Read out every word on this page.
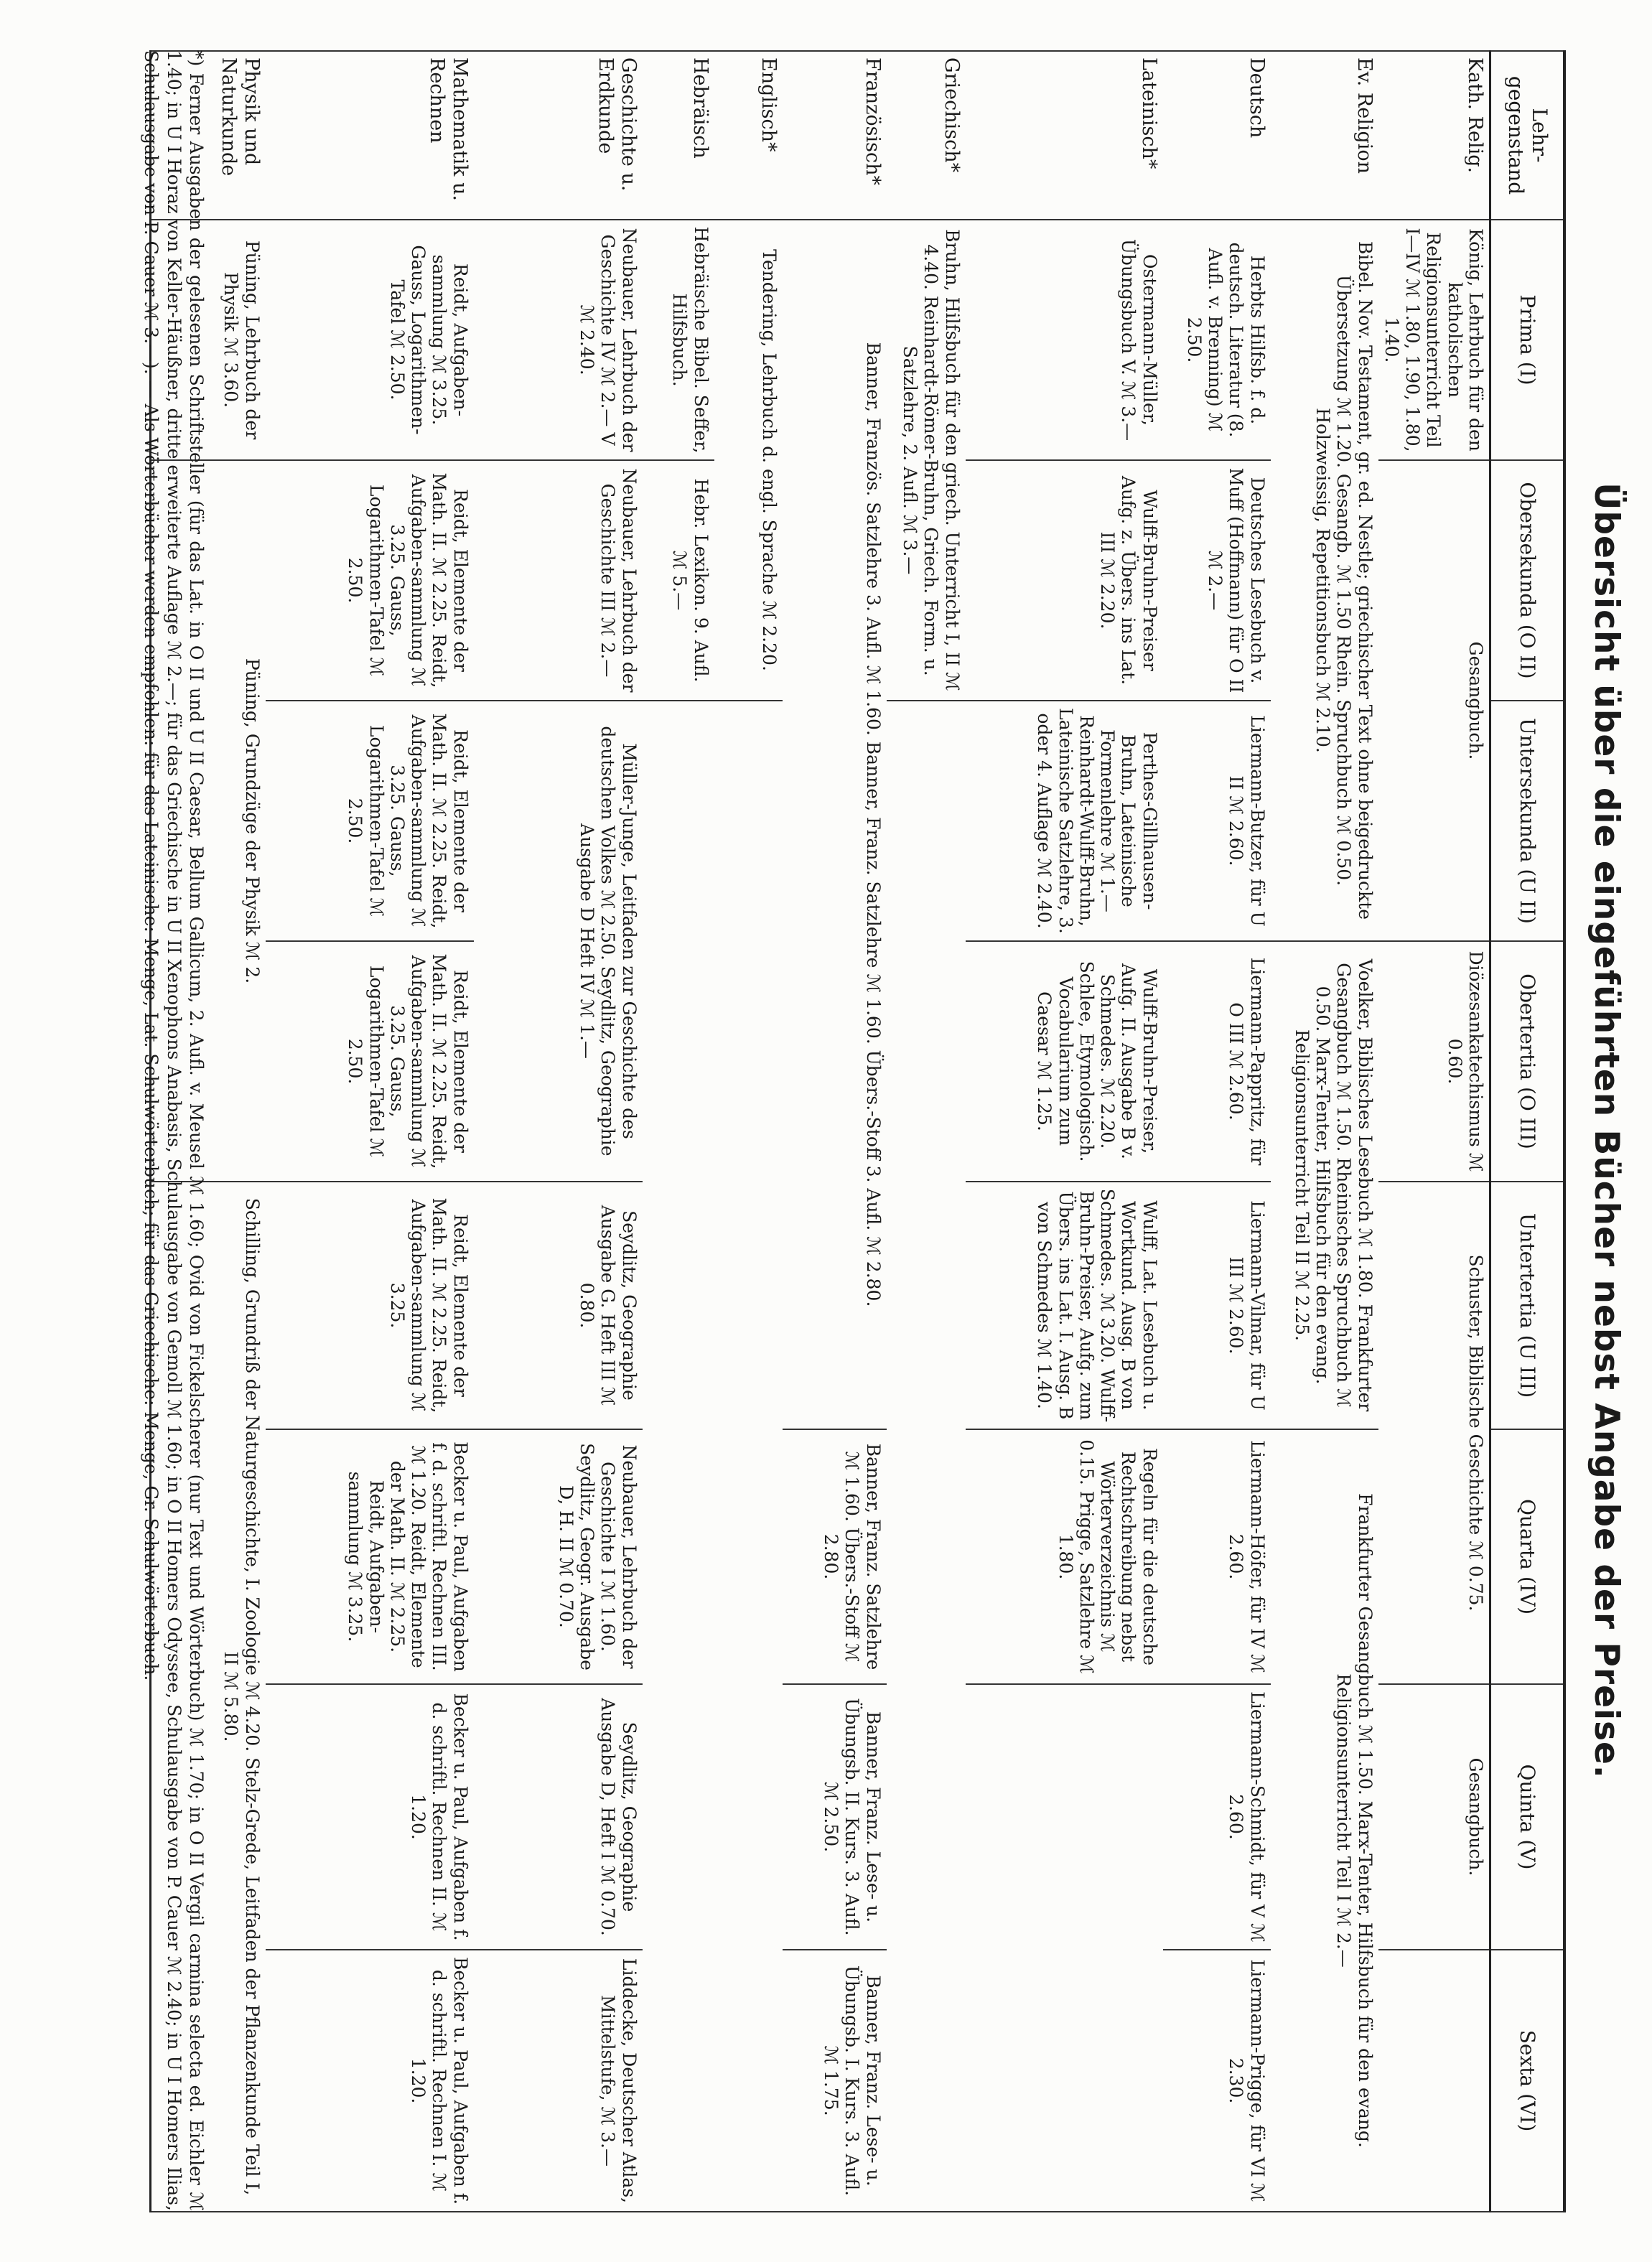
Übersicht über die eingeführten Bücher nebst Angabe der Preise.
Lehr-gegenstand	Prima (I)	Obersekunda (O II)	Untersekunda (U II)	Obertertia (O III)	Untertertia (U III)	Quarta (IV)	Quinta (V)	Sexta (VI)
Kath. Relig.	König, Lehrbuch für den katholischen Religionsunterricht Teil I—IV ℳ 1.80, 1.90, 1.80, 1.40.	Gesangbuch.		Diözesankatechismus ℳ 0.60.	Schuster, Biblische Geschichte ℳ 0.75.		Gesangbuch.	
Ev. Religion	Bibel. Nov. Testament, gr. ed. Nestle; griechischer Text ohne beigedruckte Übersetzung ℳ 1.20. Gesangb. ℳ 1.50 Rhein. Spruchbuch ℳ 0.50. Holzweissig, Repetitionsbuch ℳ 2.10.			Voelker, Biblisches Lesebuch ℳ 1.80. Frankfurter Gesangbuch ℳ 1.50. Rheinisches Spruchbuch ℳ 0.50. Marx-Tenter, Hilfsbuch für den evang. Religionsunterricht Teil II ℳ 2.25.		Frankfurter Gesangbuch ℳ 1.50. Marx-Tenter, Hilfsbuch für den evang. Religionsunterricht Teil I ℳ 2.—		
Deutsch	Herbts Hilfsb. f. d. deutsch. Literatur (8. Aufl. v. Brenning) ℳ 2.50.	Deutsches Lesebuch v. Muff (Hoffmann) für O II ℳ 2.—	Liermann-Butzer, für U II ℳ 2.60.	Liermann-Pappritz, für O III ℳ 2.60.	Liermann-Vilmar, für U III ℳ 2.60.	Liermann-Höfer, für IV ℳ 2.60.	Liermann-Schmidt, für V ℳ 2.60.	Liermann-Prigge, für VI ℳ 2.30.
Lateinisch*	Ostermann-Müller, Übungsbuch V. ℳ 3.—	Wulff-Bruhn-Preiser Aufg. z. Übers. ins Lat. III ℳ 2.20.	Perthes-Gillhausen-Bruhn, Lateinische Formenlehre ℳ 1.— Reinhardt-Wulff-Bruhn, Lateinische Satzlehre, 3. oder 4. Auflage ℳ 2.40.	Wulff-Bruhn-Preiser, Aufg. II. Ausgabe B v. Schmedes. ℳ 2.20. Schlee, Etymologisch. Vocabularium zum Caesar ℳ 1.25.	Wulff, Lat. Lesebuch u. Wortkund. Ausg. B von Schmedes. ℳ 3.20. Wulff-Bruhn-Preiser, Aufg. zum Übers. ins Lat. I. Ausg. B von Schmedes ℳ 1.40.	Regeln für die deutsche Rechtschreibung nebst Wörterverzeichnis ℳ 0.15. Prigge, Satzlehre ℳ 1.80.		
Griechisch*	Bruhn, Hilfsbuch für den griech. Unterricht I, II ℳ 4.40. Reinhardt-Römer-Bruhn, Griech. Form. u. Satzlehre, 2. Aufl. ℳ 3.—							
Französisch*	Banner, Französ. Satzlehre 3. Aufl. ℳ 1.60. Banner, Franz. Satzlehre ℳ 1.60. Übers.-Stoff 3. Aufl. ℳ 2.80.					Banner, Franz. Satzlehre ℳ 1.60. Übers.-Stoff ℳ 2.80.	Banner, Franz. Lese- u. Übungsb. II. Kurs. 3. Aufl. ℳ 2.50.	Banner, Franz. Lese- u. Übungsb. I. Kurs. 3. Aufl. ℳ 1.75.
Englisch*	Tendering, Lehrbuch d. engl. Sprache ℳ 2.20.							
Hebräisch	Hebräische Bibel. Seffer, Hilfsbuch.	Hebr. Lexikon. 9. Aufl. ℳ 5.—						
Geschichte u. Erdkunde	Neubauer, Lehrbuch der Geschichte IV ℳ 2.— V ℳ 2.40.	Neubauer, Lehrbuch der Geschichte III ℳ 2.—	Müller-Junge, Leitfaden zur Geschichte des deutschen Volkes ℳ 2.50. Seydlitz, Geographie Ausgabe D Heft IV ℳ 1.—		Seydlitz, Geographie Ausgabe G. Heft III ℳ 0.80.	Neubauer, Lehrbuch der Geschichte I ℳ 1.60. Seydlitz, Geogr. Ausgabe D, H. II ℳ 0.70.	Seydlitz, Geographie Ausgabe D, Heft I ℳ 0.70.	Liddecke, Deutscher Atlas, Mittelstufe, ℳ 3.—
Mathematik u. Rechnen	Reidt, Aufgaben-sammlung ℳ 3.25. Gauss, Logarithmen-Tafel ℳ 2.50.	Reidt, Elemente der Math. II. ℳ 2.25. Reidt, Aufgaben-sammlung ℳ 3.25. Gauss, Logarithmen-Tafel ℳ 2.50.	Reidt, Elemente der Math. II. ℳ 2.25. Reidt, Aufgaben-sammlung ℳ 3.25. Gauss, Logarithmen-Tafel ℳ 2.50.	Reidt, Elemente der Math. II. ℳ 2.25. Reidt, Aufgaben-sammlung ℳ 3.25. Gauss, Logarithmen-Tafel ℳ 2.50.	Reidt, Elemente der Math. II. ℳ 2.25. Reidt, Aufgaben-sammlung ℳ 3.25.	Becker u. Paul, Aufgaben f. d. schriftl. Rechnen III. ℳ 1.20. Reidt, Elemente der Math. II. ℳ 2.25. Reidt, Aufgaben-sammlung ℳ 3.25.	Becker u. Paul, Aufgaben f. d. schriftl. Rechnen II. ℳ 1.20.	Becker u. Paul, Aufgaben f. d. schriftl. Rechnen I. ℳ 1.20.
Physik und Naturkunde	Püning, Lehrbuch der Physik ℳ 3.60.	Püning, Grundzüge der Physik ℳ 2.			Schilling, Grundriß der Naturgeschichte, I. Zoologie ℳ 4.20. Stelz-Grede, Leitfaden der Pflanzenkunde Teil I, II ℳ 5.80.			
*) Ferner Ausgaben der gelesenen Schriftsteller (für das Lat. in O II und U II Caesar, Bellum Gallicum, 2. Aufl. v. Meusel ℳ 1.60; Ovid von Fickelscherer (nur Text und Wörterbuch) ℳ 1.70; in O II Vergil carmina selecta ed. Eichler ℳ 1.40; in U I Horaz von Keller-Häußner, dritte erweiterte Auflage ℳ 2.—; für das Griechische in U II Xenophons Anabasis, Schulausgabe von Gemoll ℳ 1.60; in O II Homers Odyssee, Schulausgabe von P. Cauer ℳ 2.40; in U I Homers Ilias, Schulausgabe von P. Cauer ℳ 3.—). — Als Wörterbücher werden empfohlen: für das Lateinische: Menge, Lat. Schulwörterbuch; für das Griechische: Menge, Gr. Schulwörterbuch.
